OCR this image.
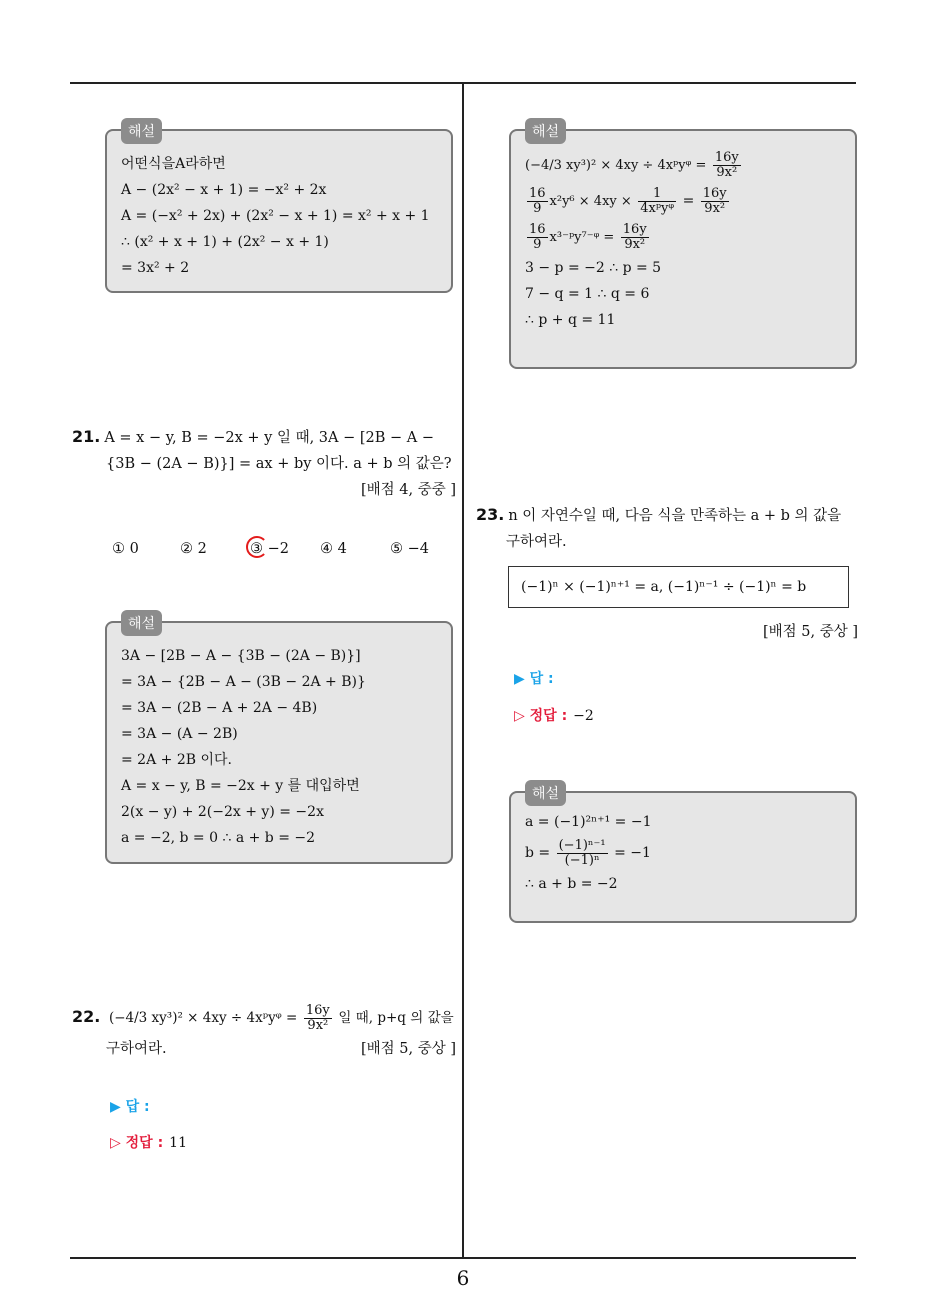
해설
어떤식을A라하면
A − (2x² − x + 1) = −x² + 2x
A = (−x² + 2x) + (2x² − x + 1) = x² + x + 1
∴ (x² + x + 1) + (2x² − x + 1)
= 3x² + 2
21. A = x − y, B = −2x + y 일 때, 3A − [2B − A −
{3B − (2A − B)}] = ax + by 이다. a + b 의 값은?
[배점 4, 중중 ]
① 0	② 2	③ −2 ④ 4	⑤ −4
해설
3A − [2B − A − {3B − (2A − B)}]
= 3A − {2B − A − (3B − 2A + B)}
= 3A − (2B − A + 2A − 4B)
= 3A − (A − 2B)
= 2A + 2B 이다.
A = x − y, B = −2x + y 를 대입하면
2(x − y) + 2(−2x + y) = −2x
a = −2, b = 0 ∴ a + b = −2
22. (−4/3 xy³)² × 4xy ÷ 4xᵖyᵠ = $\frac{16y}{\text{9x²}}$ 일 때, p+q 의 값을
구하여라.	[배점 5, 중상 ]
▶ 답 :
▷ 정답 : 11
해설
(−4/3 xy³)² × 4xy ÷ 4xᵖyᵠ = $\frac{16y}{\text{9x²}}$
$\frac{16}{9} x^2y^6 \times 4xy \times \frac{1}{\text{4xᵖyᵠ}} = \frac{16y}{\text{9x²}}$
$\frac{16}{9}$ x³⁻ᵖy⁷⁻ᵠ = $\frac{16y}{\text{9x²}}$
3 − p = −2 ∴ p = 5
7 − q = 1 ∴ q = 6
∴ p + q = 11
23. n 이 자연수일 때, 다음 식을 만족하는 a + b 의 값을
구하여라.
(−1)ⁿ × (−1)ⁿ⁺¹ = a, (−1)ⁿ⁻¹ ÷ (−1)ⁿ = b
[배점 5, 중상 ]
▶ 답 :
▷ 정답 : −2
해설
a = (−1)²ⁿ⁺¹ = −1
$b = \frac{\text{(−1)ⁿ⁻¹}}{\text{(−1)ⁿ}} = -1$
∴ a + b = −2
6
